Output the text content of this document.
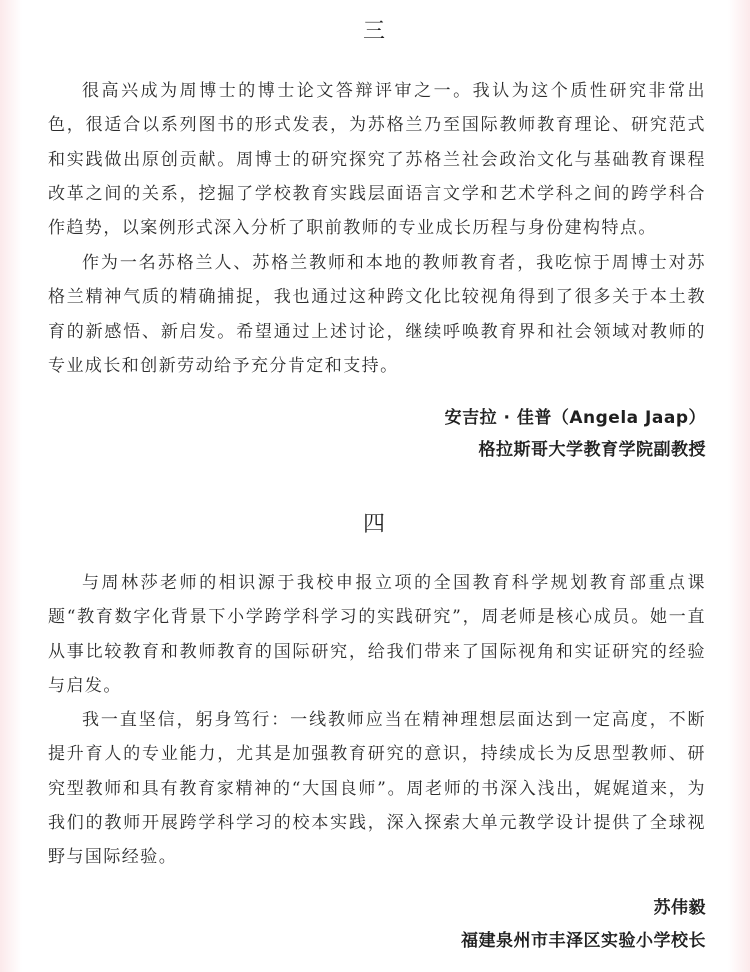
三

很高兴成为周博士的博士论文答辩评审之一。我认为这个质性研究非常出色，很适合以系列图书的形式发表，为苏格兰乃至国际教师教育理论、研究范式和实践做出原创贡献。周博士的研究探究了苏格兰社会政治文化与基础教育课程改革之间的关系，挖掘了学校教育实践层面语言文学和艺术学科之间的跨学科合作趋势，以案例形式深入分析了职前教师的专业成长历程与身份建构特点。

作为一名苏格兰人、苏格兰教师和本地的教师教育者，我吃惊于周博士对苏格兰精神气质的精确捕捉，我也通过这种跨文化比较视角得到了很多关于本土教育的新感悟、新启发。希望通过上述讨论，继续呼唤教育界和社会领域对教师的专业成长和创新劳动给予充分肯定和支持。

安吉拉 · 佳普（Angela Jaap）
格拉斯哥大学教育学院副教授
四

与周林莎老师的相识源于我校申报立项的全国教育科学规划教育部重点课题“教育数字化背景下小学跨学科学习的实践研究”，周老师是核心成员。她一直从事比较教育和教师教育的国际研究，给我们带来了国际视角和实证研究的经验与启发。

我一直坚信，躬身笃行：一线教师应当在精神理想层面达到一定高度，不断提升育人的专业能力，尤其是加强教育研究的意识，持续成长为反思型教师、研究型教师和具有教育家精神的“大国良师”。周老师的书深入浅出，娓娓道来，为我们的教师开展跨学科学习的校本实践，深入探索大单元教学设计提供了全球视野与国际经验。

苏伟毅
福建泉州市丰泽区实验小学校长
